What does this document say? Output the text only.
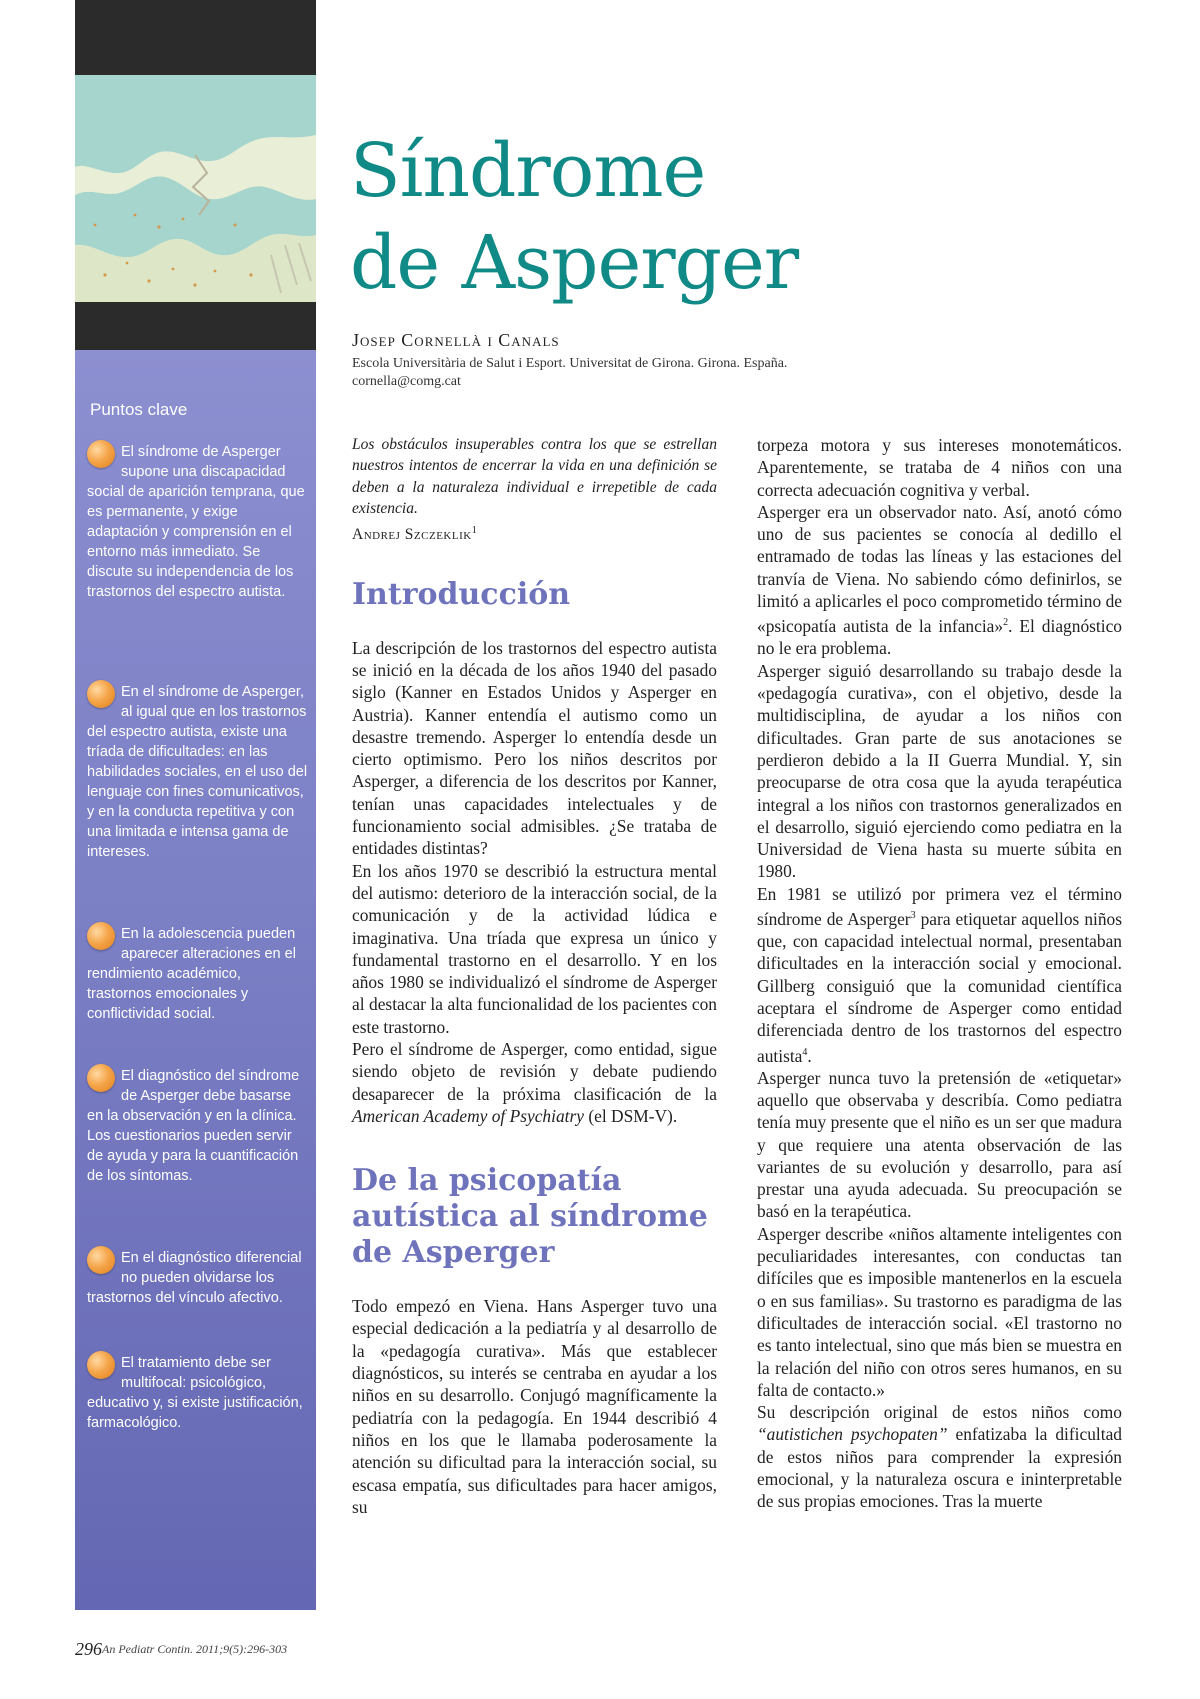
Puntos clave
El síndrome de Asperger supone una discapacidad social de aparición temprana, que es permanente, y exige adaptación y comprensión en el entorno más inmediato. Se discute su independencia de los trastornos del espectro autista.
En el síndrome de Asperger, al igual que en los trastornos del espectro autista, existe una tríada de dificultades: en las habilidades sociales, en el uso del lenguaje con fines comunicativos, y en la conducta repetitiva y con una limitada e intensa gama de intereses.
En la adolescencia pueden aparecer alteraciones en el rendimiento académico, trastornos emocionales y conflictividad social.
El diagnóstico del síndrome de Asperger debe basarse en la observación y en la clínica. Los cuestionarios pueden servir de ayuda y para la cuantificación de los síntomas.
En el diagnóstico diferencial no pueden olvidarse los trastornos del vínculo afectivo.
El tratamiento debe ser multifocal: psicológico, educativo y, si existe justificación, farmacológico.
Síndrome
de Asperger
Josep Cornellà i Canals
Escola Universitària de Salut i Esport. Universitat de Girona. Girona. España.
cornella@comg.cat

Los obstáculos insuperables contra los que se estrellan nuestros intentos de encerrar la vida en una definición se deben a la naturaleza individual e irrepetible de cada existencia.

Andrej Szczeklik$^1$

Introducción

La descripción de los trastornos del espectro autista se inició en la década de los años 1940 del pasado siglo (Kanner en Estados Unidos y Asperger en Austria). Kanner entendía el autismo como un desastre tremendo. Asperger lo entendía desde un cierto optimismo. Pero los niños descritos por Asperger, a diferencia de los descritos por Kanner, tenían unas capacidades intelectuales y de funcionamiento social admisibles. ¿Se trataba de entidades distintas?

En los años 1970 se describió la estructura mental del autismo: deterioro de la interacción social, de la comunicación y de la actividad lúdica e imaginativa. Una tríada que expresa un único y fundamental trastorno en el desarrollo. Y en los años 1980 se individualizó el síndrome de Asperger al destacar la alta funcionalidad de los pacientes con este trastorno.

Pero el síndrome de Asperger, como entidad, sigue siendo objeto de revisión y debate pudiendo desaparecer de la próxima clasificación de la American Academy of Psychiatry (el DSM-V).

De la psicopatía autística al síndrome de Asperger

Todo empezó en Viena. Hans Asperger tuvo una especial dedicación a la pediatría y al desarrollo de la «pedagogía curativa». Más que establecer diagnósticos, su interés se centraba en ayudar a los niños en su desarrollo. Conjugó magníficamente la pediatría con la pedagogía. En 1944 describió 4 niños en los que le llamaba poderosamente la atención su dificultad para la interacción social, su escasa empatía, sus dificultades para hacer amigos, su

torpeza motora y sus intereses monotemáticos. Aparentemente, se trataba de 4 niños con una correcta adecuación cognitiva y verbal.

Asperger era un observador nato. Así, anotó cómo uno de sus pacientes se conocía al dedillo el entramado de todas las líneas y las estaciones del tranvía de Viena. No sabiendo cómo definirlos, se limitó a aplicarles el poco comprometido término de «psicopatía autista de la infancia»$^2$. El diagnóstico no le era problema.

Asperger siguió desarrollando su trabajo desde la «pedagogía curativa», con el objetivo, desde la multidisciplina, de ayudar a los niños con dificultades. Gran parte de sus anotaciones se perdieron debido a la II Guerra Mundial. Y, sin preocuparse de otra cosa que la ayuda terapéutica integral a los niños con trastornos generalizados en el desarrollo, siguió ejerciendo como pediatra en la Universidad de Viena hasta su muerte súbita en 1980.

En 1981 se utilizó por primera vez el término síndrome de Asperger$^3$ para etiquetar aquellos niños que, con capacidad intelectual normal, presentaban dificultades en la interacción social y emocional. Gillberg consiguió que la comunidad científica aceptara el síndrome de Asperger como entidad diferenciada dentro de los trastornos del espectro autista$^4$.

Asperger nunca tuvo la pretensión de «etiquetar» aquello que observaba y describía. Como pediatra tenía muy presente que el niño es un ser que madura y que requiere una atenta observación de las variantes de su evolución y desarrollo, para así prestar una ayuda adecuada. Su preocupación se basó en la terapéutica.

Asperger describe «niños altamente inteligentes con peculiaridades interesantes, con conductas tan difíciles que es imposible mantenerlos en la escuela o en sus familias». Su trastorno es paradigma de las dificultades de interacción social. «El trastorno no es tanto intelectual, sino que más bien se muestra en la relación del niño con otros seres humanos, en su falta de contacto.»

Su descripción original de estos niños como “autistichen psychopaten” enfatizaba la dificultad de estos niños para comprender la expresión emocional, y la naturaleza oscura e ininterpretable de sus propias emociones. Tras la muerte

296 An Pediatr Contin. 2011;9(5):296-303
